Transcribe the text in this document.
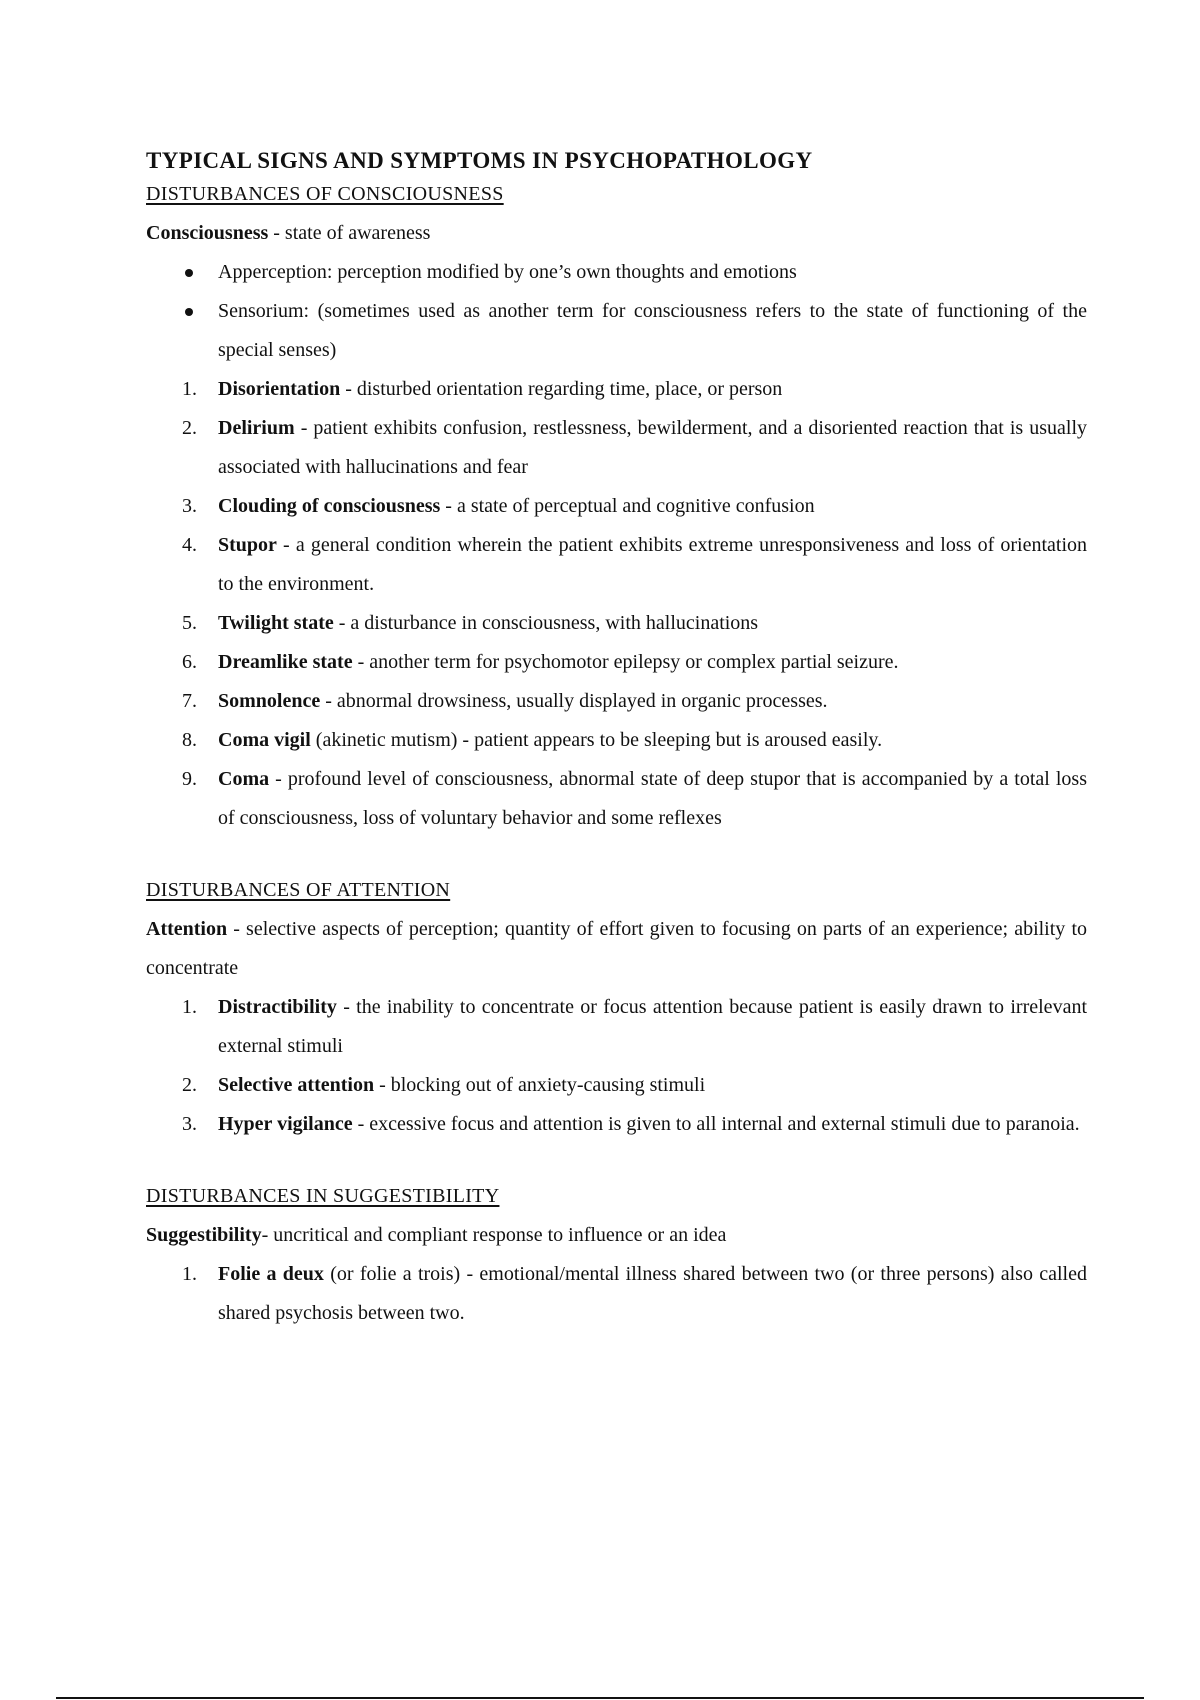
TYPICAL SIGNS AND SYMPTOMS IN PSYCHOPATHOLOGY
DISTURBANCES OF CONSCIOUSNESS

Consciousness - state of awareness

Apperception: perception modified by one’s own thoughts and emotions
Sensorium: (sometimes used as another term for consciousness refers to the state of functioning of the special senses)
1.	Disorientation - disturbed orientation regarding time, place, or person
2.	Delirium - patient exhibits confusion, restlessness, bewilderment, and a disoriented reaction that is usually associated with hallucinations and fear
3.	Clouding of consciousness - a state of perceptual and cognitive confusion
4.	Stupor - a general condition wherein the patient exhibits extreme unresponsiveness and loss of orientation to the environment.
5.	Twilight state - a disturbance in consciousness, with hallucinations
6.	Dreamlike state - another term for psychomotor epilepsy or complex partial seizure.
7.	Somnolence - abnormal drowsiness, usually displayed in organic processes.
8.	Coma vigil (akinetic mutism) - patient appears to be sleeping but is aroused easily.
9.	Coma - profound level of consciousness, abnormal state of deep stupor that is accompanied by a total loss of consciousness, loss of voluntary behavior and some reflexes
DISTURBANCES OF ATTENTION

Attention - selective aspects of perception; quantity of effort given to focusing on parts of an experience; ability to concentrate

1.	Distractibility - the inability to concentrate or focus attention because patient is easily drawn to irrelevant external stimuli
2.	Selective attention - blocking out of anxiety-causing stimuli
3.	Hyper vigilance - excessive focus and attention is given to all internal and external stimuli due to paranoia.
DISTURBANCES IN SUGGESTIBILITY

Suggestibility- uncritical and compliant response to influence or an idea

1.	Folie a deux (or folie a trois) - emotional/mental illness shared between two (or three persons) also called shared psychosis between two.
